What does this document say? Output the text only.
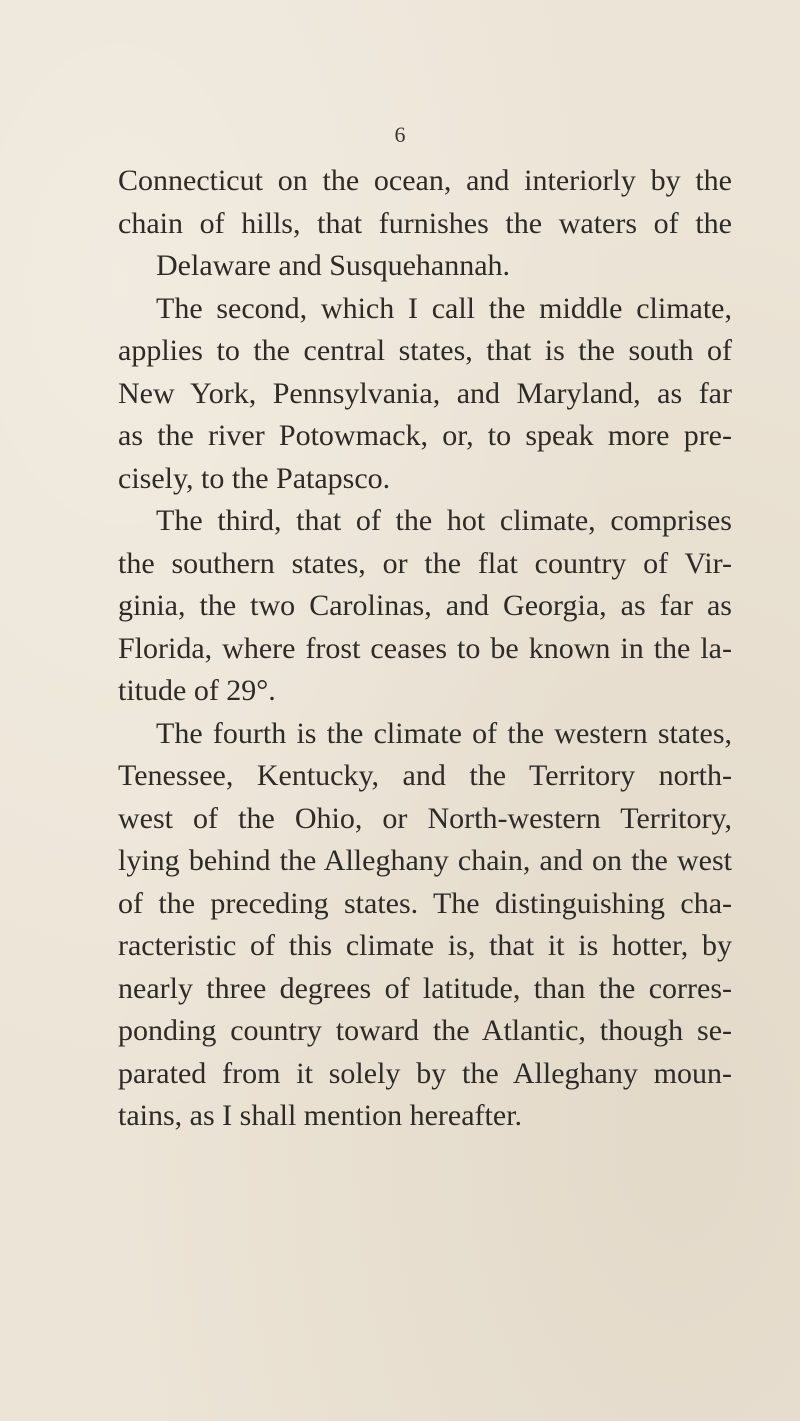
6
Connecticut on the ocean, and interiorly by the
chain of hills, that furnishes the waters of the
Delaware and Susquehannah.
The second, which I call the middle climate,
applies to the central states, that is the south of
New York, Pennsylvania, and Maryland, as far
as the river Potowmack, or, to speak more pre-
cisely, to the Patapsco.
The third, that of the hot climate, comprises
the southern states, or the flat country of Vir-
ginia, the two Carolinas, and Georgia, as far as
Florida, where frost ceases to be known in the la-
titude of 29°.
The fourth is the climate of the western states,
Tenessee, Kentucky, and the Territory north-
west of the Ohio, or North-western Territory,
lying behind the Alleghany chain, and on the west
of the preceding states. The distinguishing cha-
racteristic of this climate is, that it is hotter, by
nearly three degrees of latitude, than the corres-
ponding country toward the Atlantic, though se-
parated from it solely by the Alleghany moun-
tains, as I shall mention hereafter.
